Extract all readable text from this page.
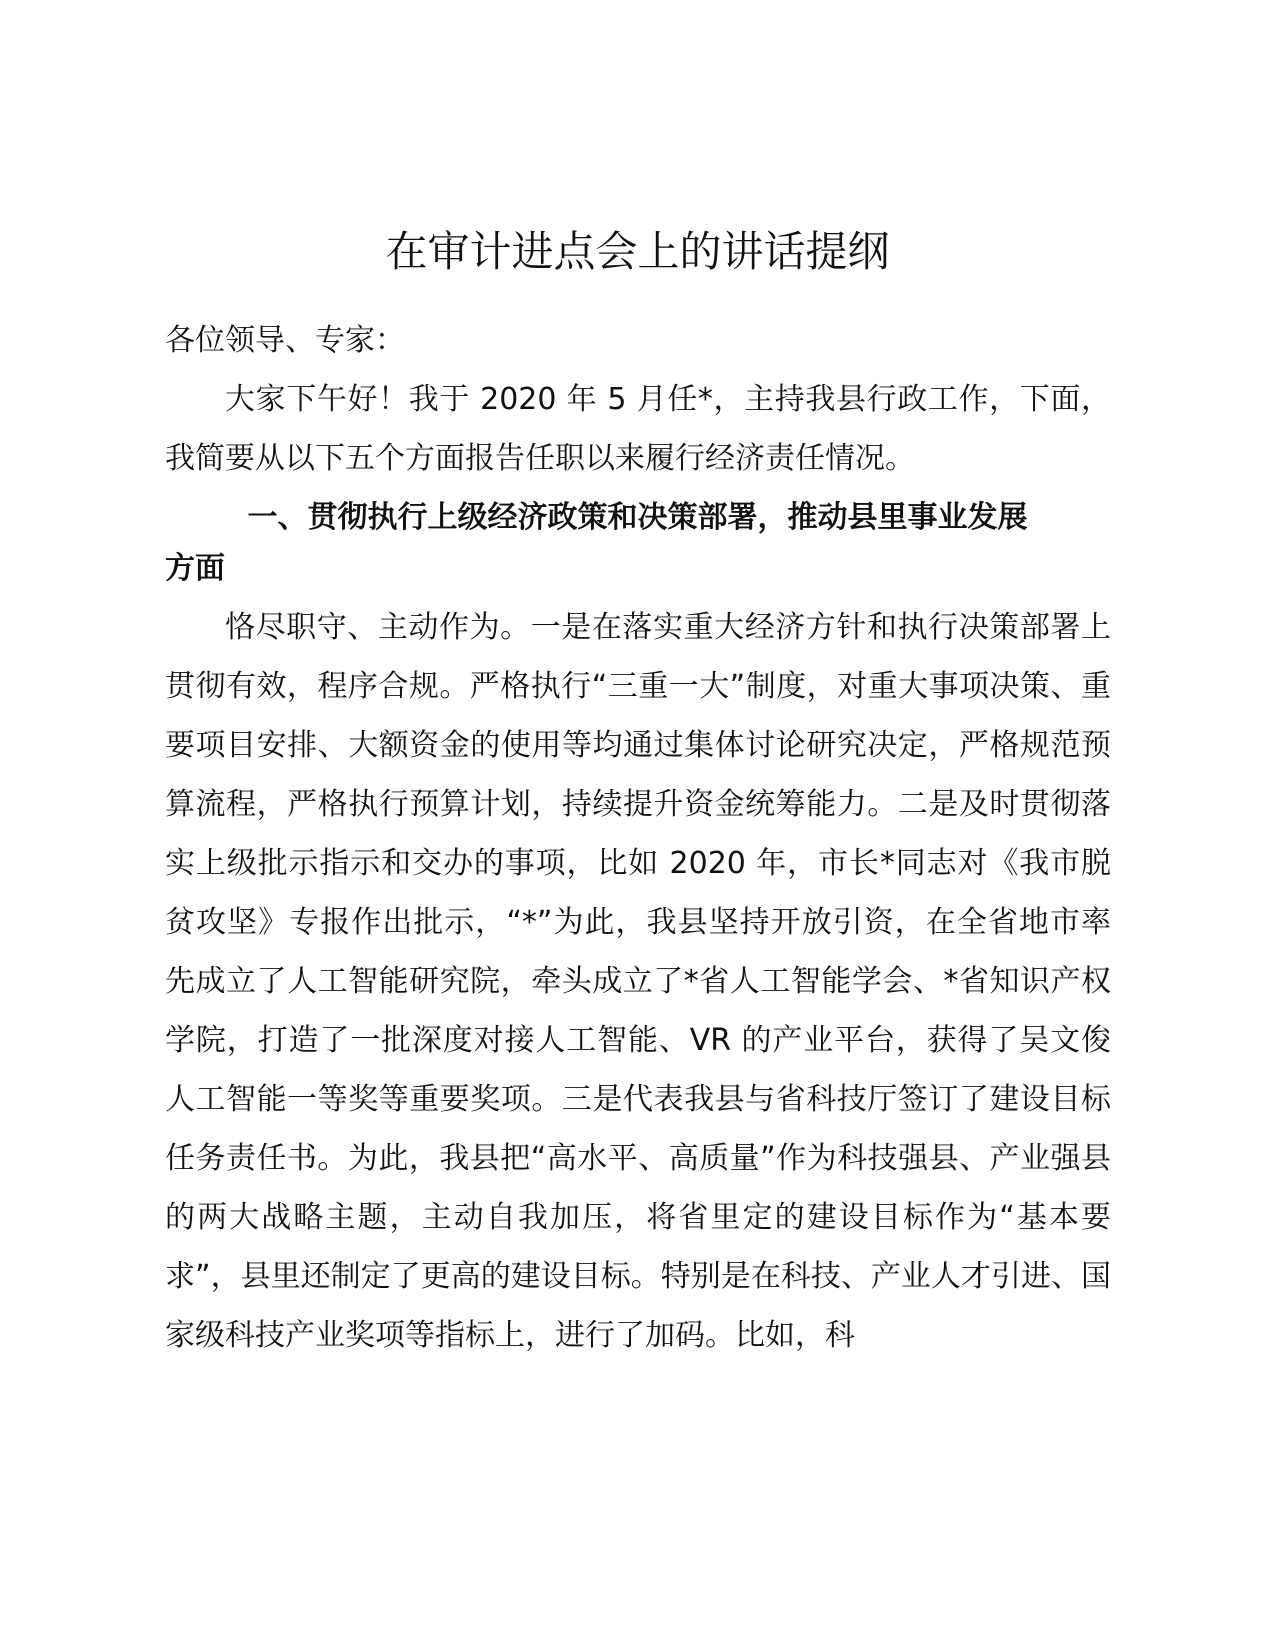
在审计进点会上的讲话提纲

各位领导、专家：

大家下午好！我于 2020 年 5 月任*，主持我县行政工作，下面，我简要从以下五个方面报告任职以来履行经济责任情况。

一、贯彻执行上级经济政策和决策部署，推动县里事业发展
方面

恪尽职守、主动作为。一是在落实重大经济方针和执行决策部署上贯彻有效，程序合规。严格执行“三重一大”制度，对重大事项决策、重要项目安排、大额资金的使用等均通过集体讨论研究决定，严格规范预算流程，严格执行预算计划，持续提升资金统筹能力。二是及时贯彻落实上级批示指示和交办的事项，比如 2020 年，市长*同志对《我市脱贫攻坚》专报作出批示，“*”为此，我县坚持开放引资，在全省地市率先成立了人工智能研究院，牵头成立了*省人工智能学会、*省知识产权学院，打造了一批深度对接人工智能、VR 的产业平台，获得了吴文俊人工智能一等奖等重要奖项。三是代表我县与省科技厅签订了建设目标任务责任书。为此，我县把“高水平、高质量”作为科技强县、产业强县的两大战略主题，主动自我加压，将省里定的建设目标作为“基本要求”，县里还制定了更高的建设目标。特别是在科技、产业人才引进、国家级科技产业奖项等指标上，进行了加码。比如，科
